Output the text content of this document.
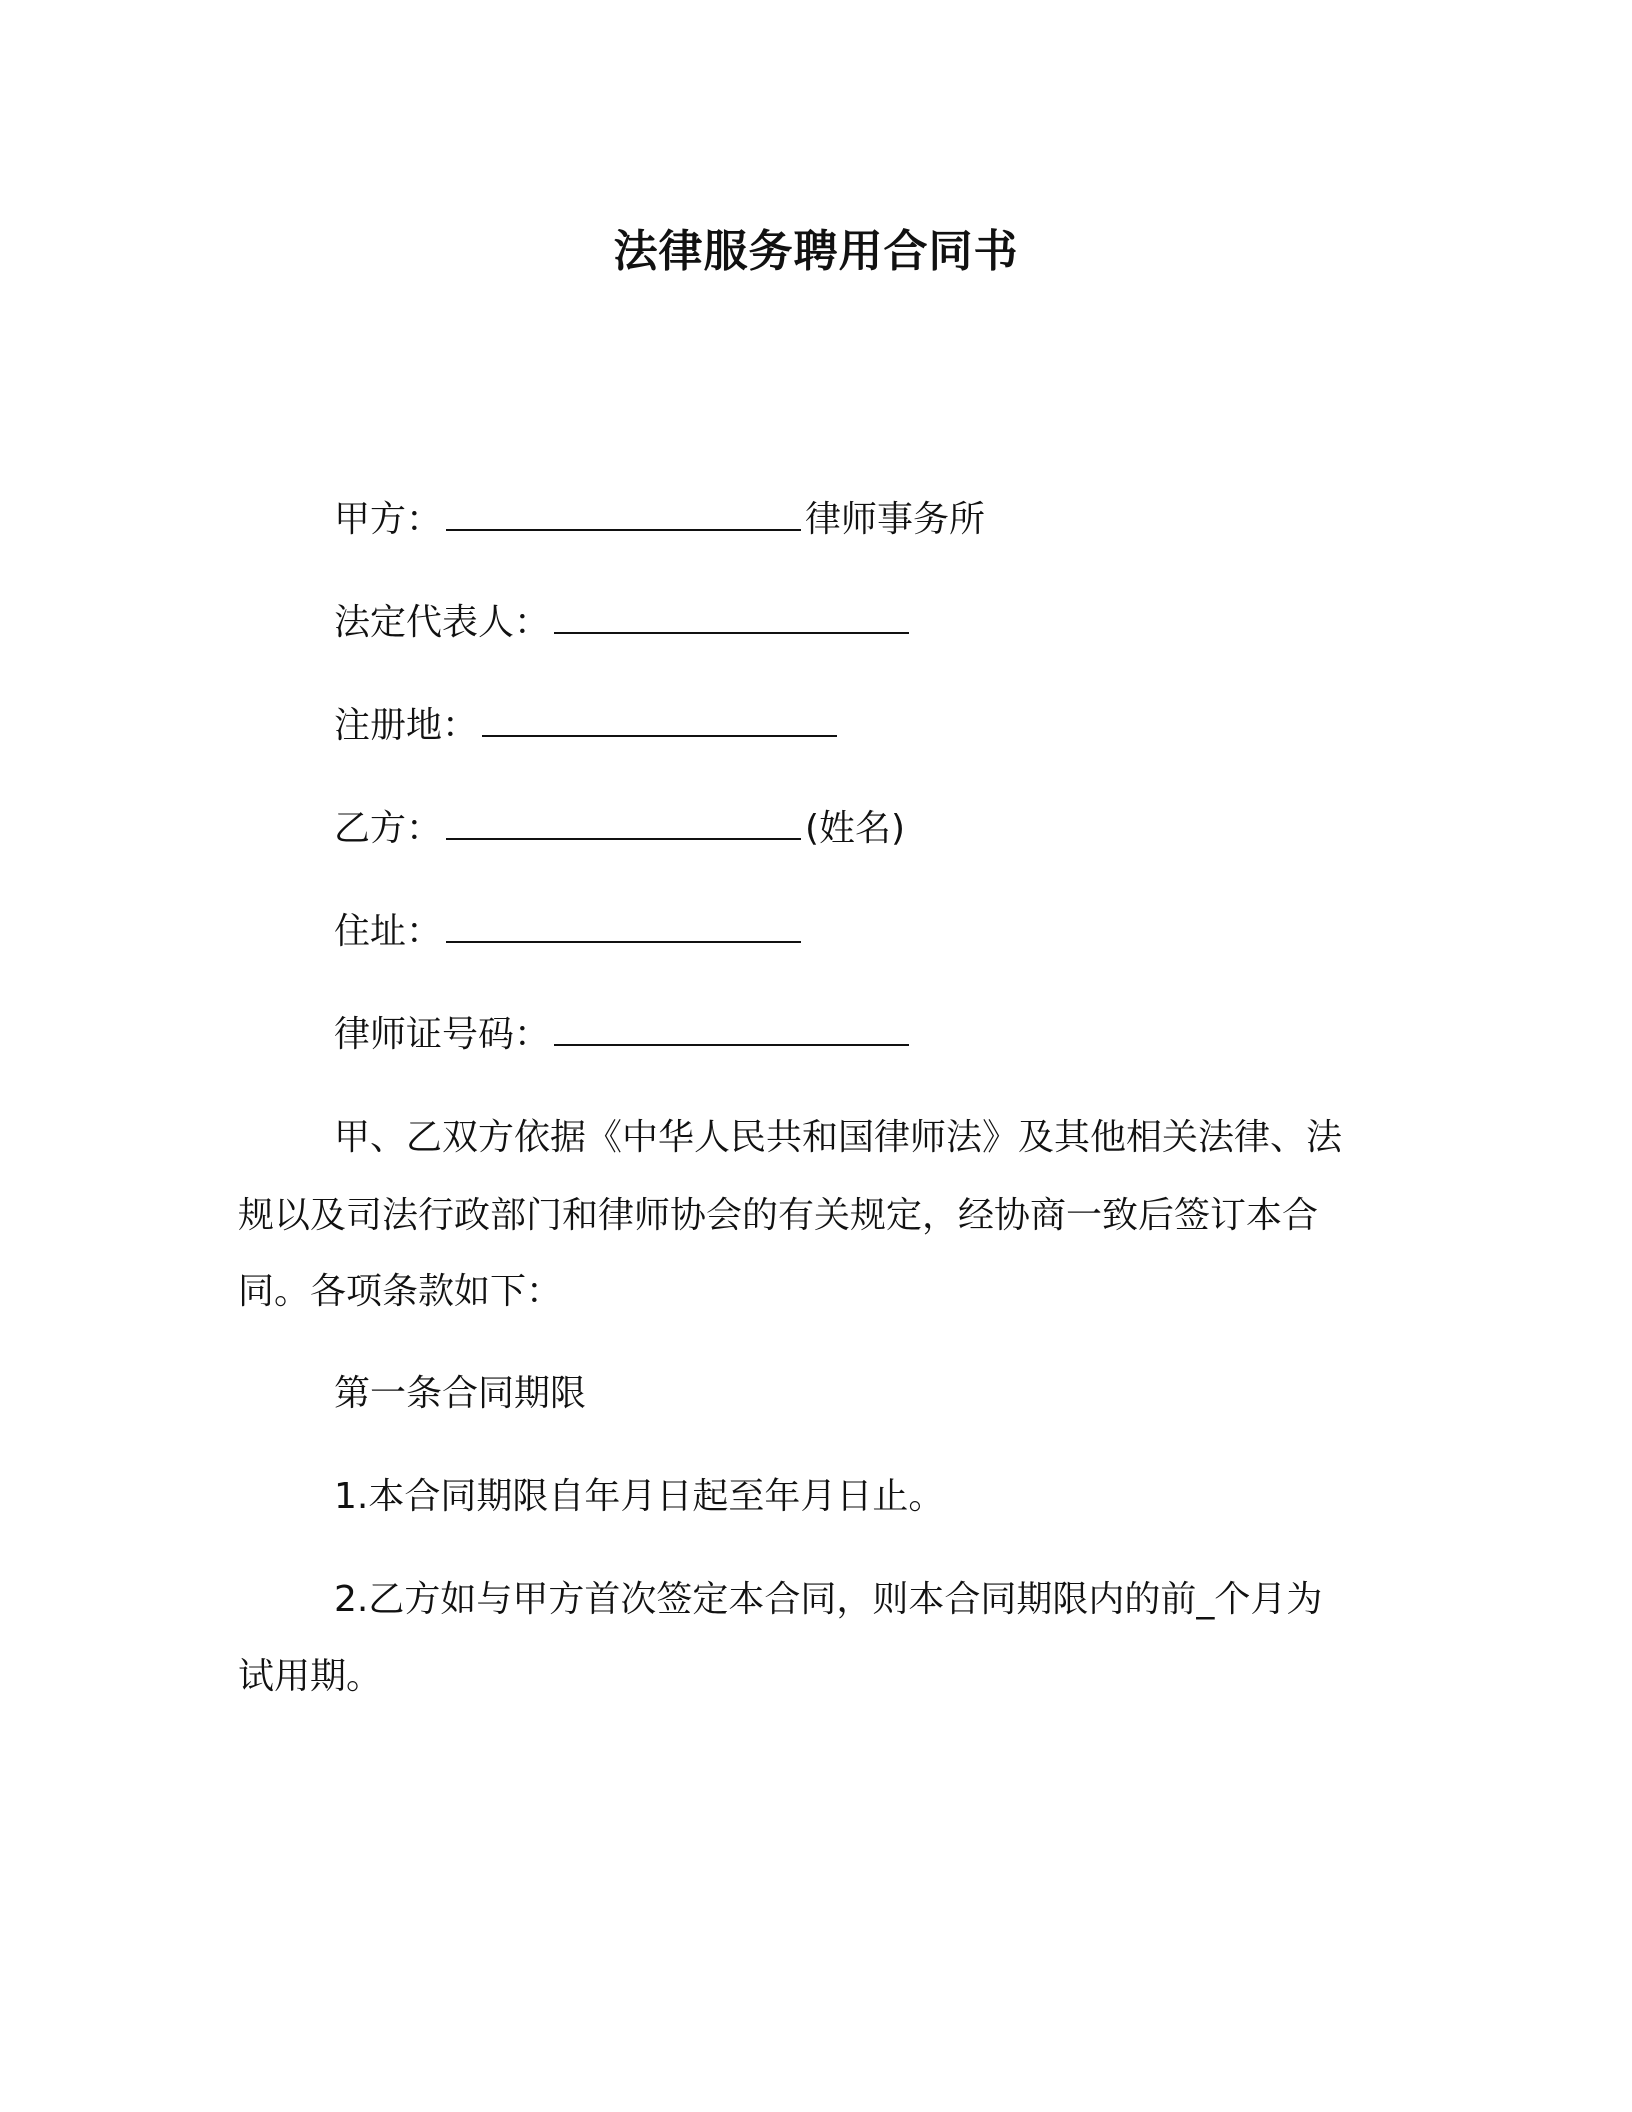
法律服务聘用合同书
甲方：	律师事务所
法定代表人：
注册地：
乙方：	(姓名)
住址：
律师证号码：
甲、乙双方依据《中华人民共和国律师法》及其他相关法律、法
规以及司法行政部门和律师协会的有关规定，经协商一致后签订本合
同。各项条款如下：
第一条合同期限
1.本合同期限自年月日起至年月日止。
2.乙方如与甲方首次签定本合同，则本合同期限内的前_个月为
试用期。
